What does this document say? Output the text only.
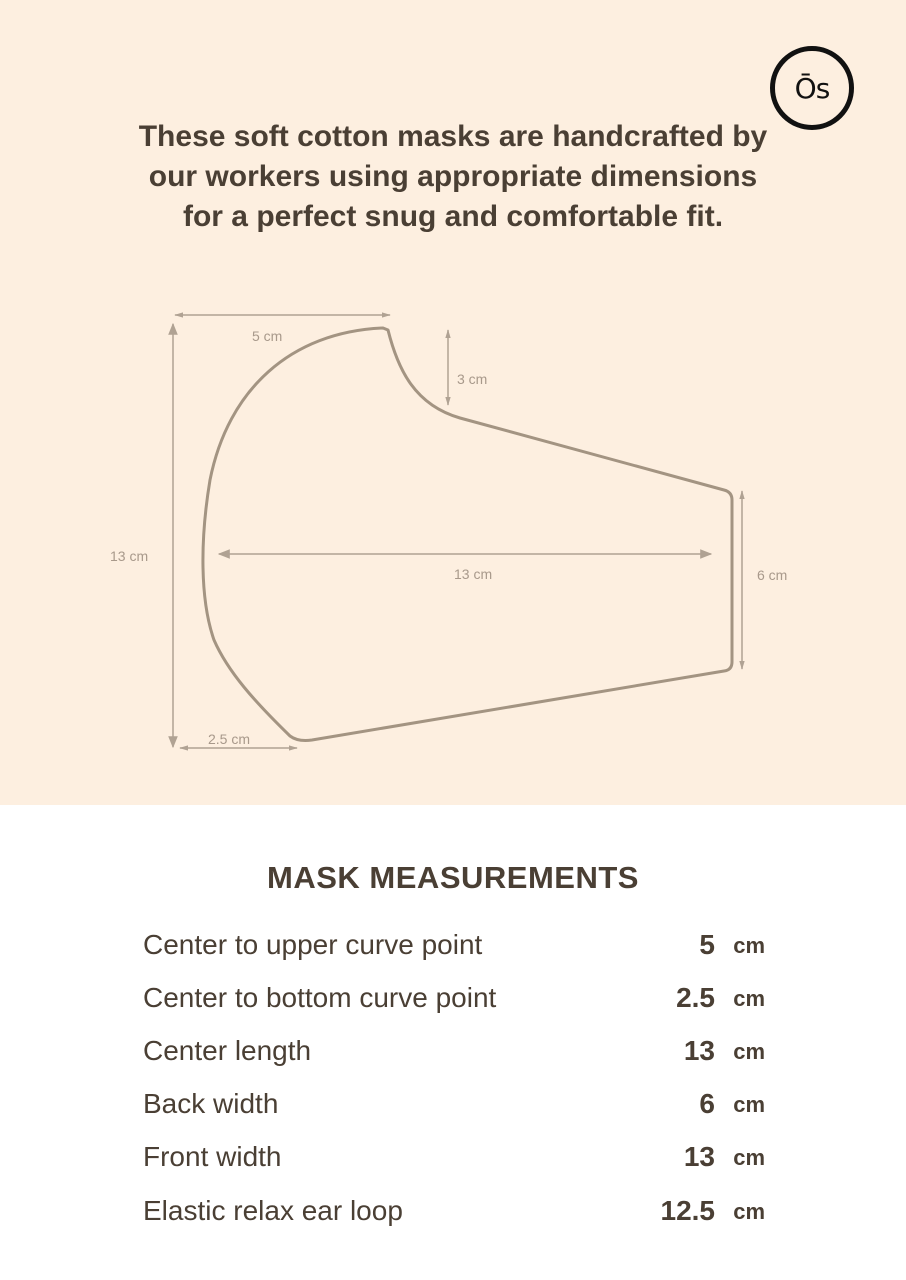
Ōs

These soft cotton masks are handcrafted by
our workers using appropriate dimensions
for a perfect snug and comfortable fit.

5 cm
3 cm
13 cm
13 cm	6 cm
2.5 cm
MASK MEASUREMENTS
Center to upper curve point	5 cm
Center to bottom curve point	2.5 cm
Center length	13 cm
Back width	6 cm
Front width	13 cm
Elastic relax ear loop	12.5 cm
